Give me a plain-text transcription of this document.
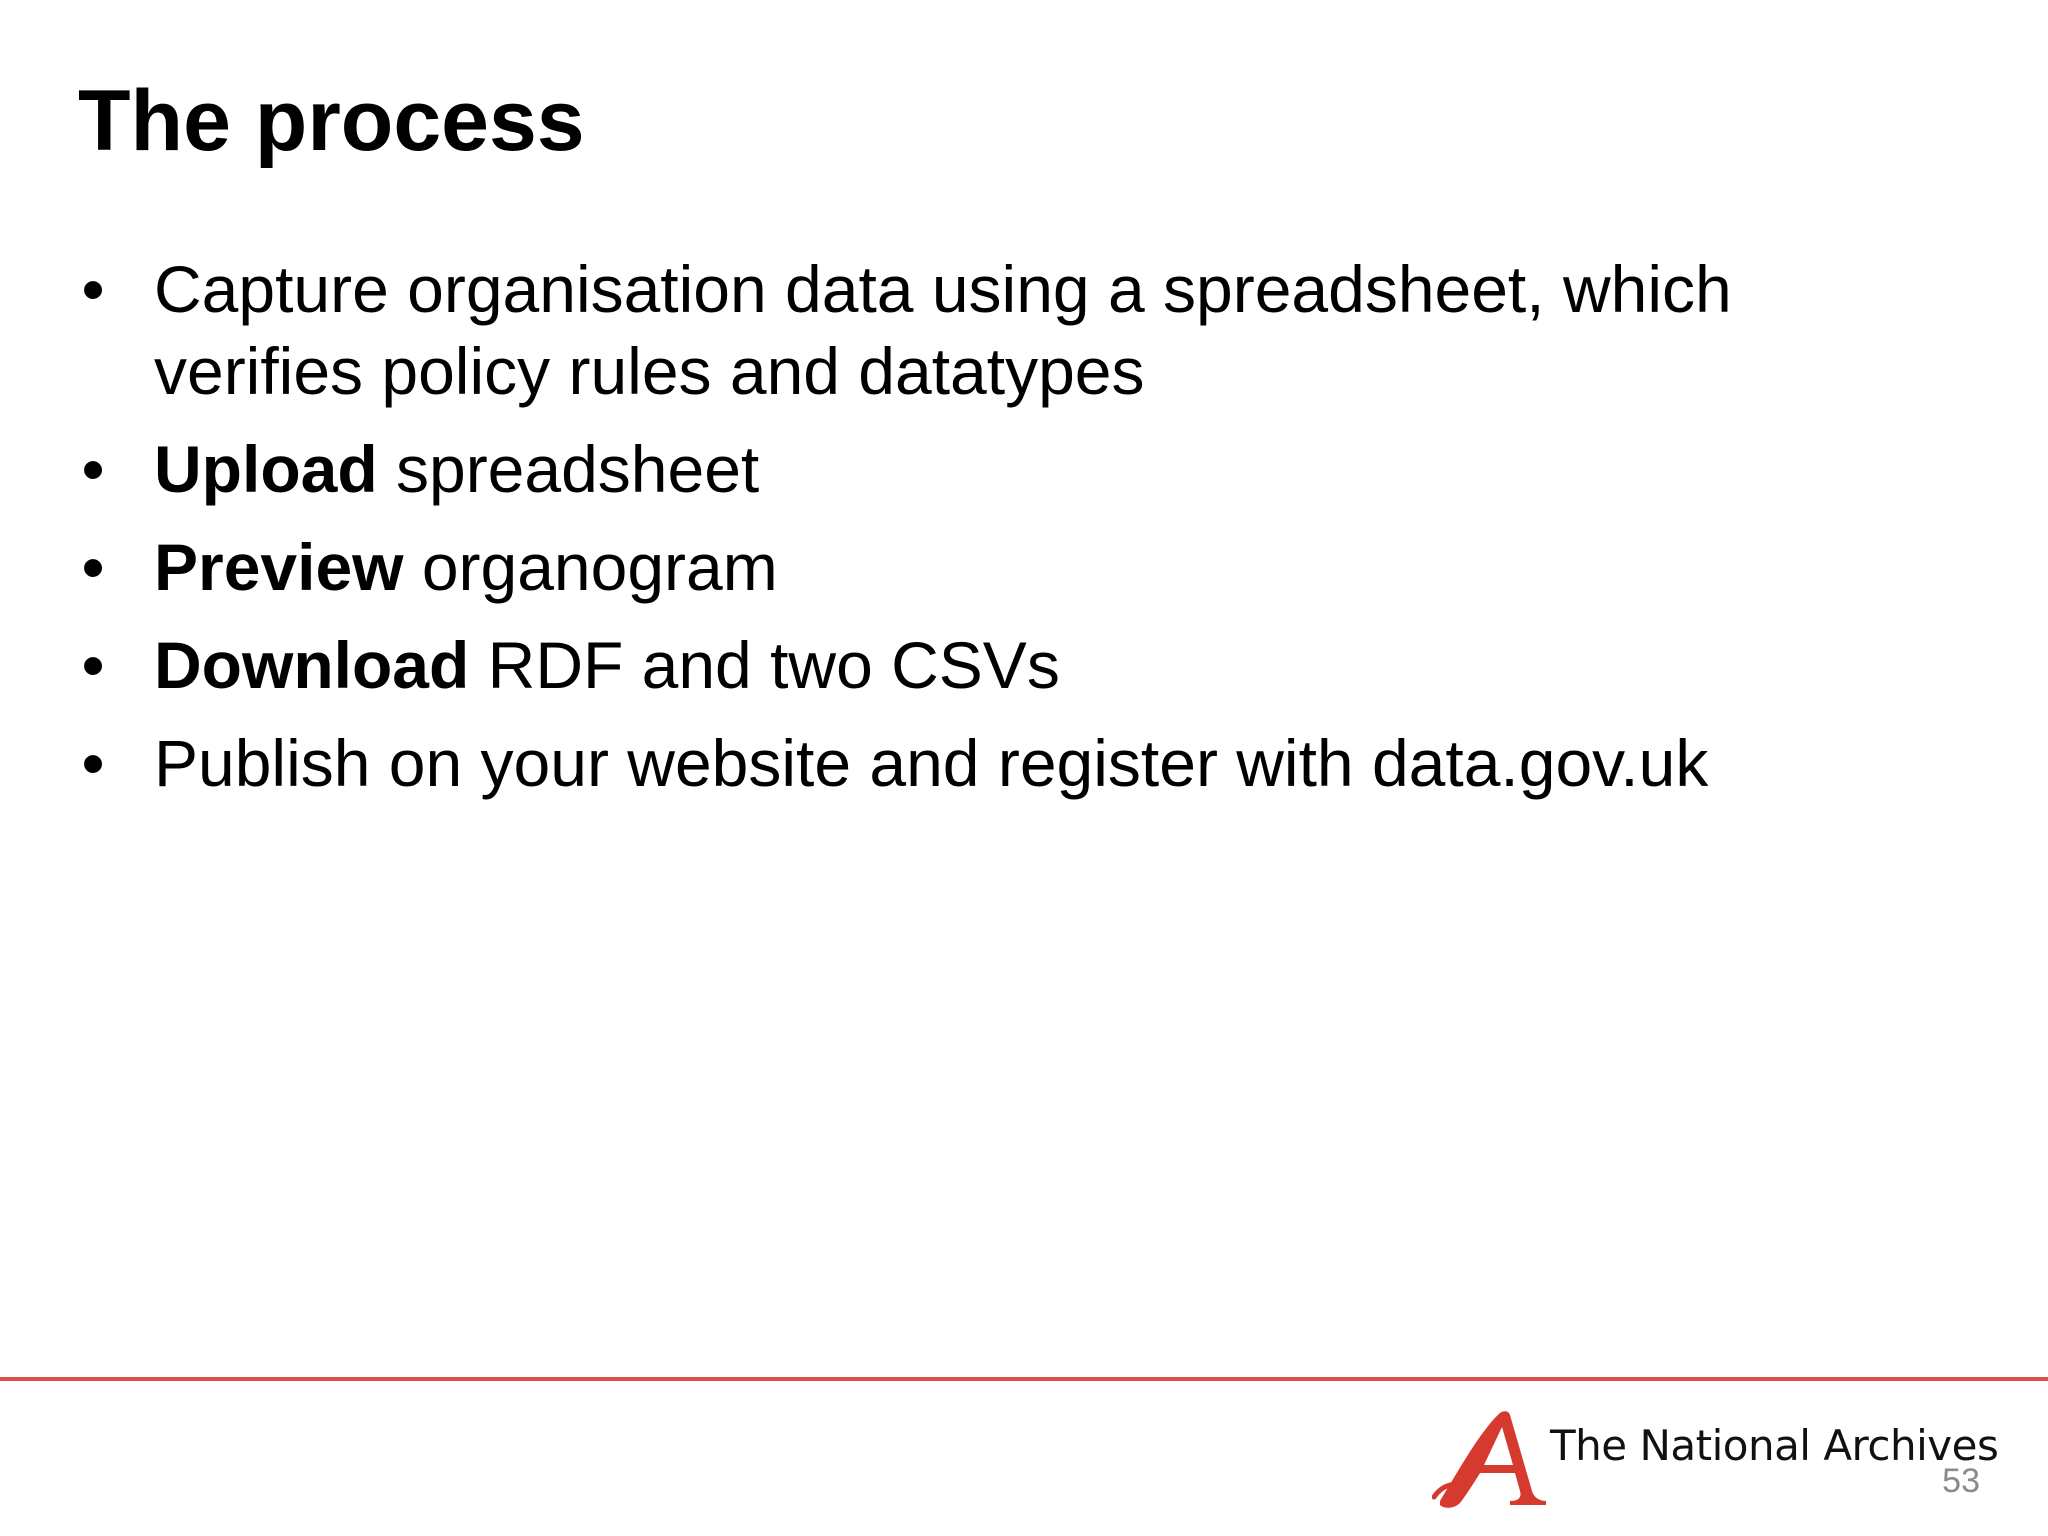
The process
• Capture organisation data using a spreadsheet, which verifies policy rules and datatypes
• Upload spreadsheet
• Preview organogram
• Download RDF and two CSVs
• Publish on your website and register with data.gov.uk
The National Archives
53
